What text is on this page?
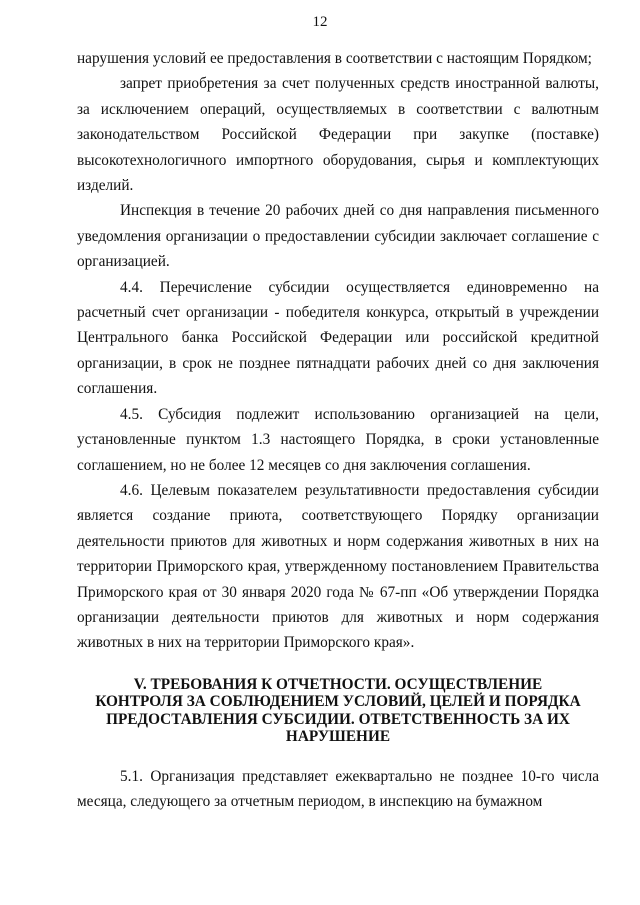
12

нарушения условий ее предоставления в соответствии с настоящим Порядком;

запрет приобретения за счет полученных средств иностранной валюты, за исключением операций, осуществляемых в соответствии с валютным законодательством Российской Федерации при закупке (поставке) высокотехнологичного импортного оборудования, сырья и комплектующих изделий.

Инспекция в течение 20 рабочих дней со дня направления письменного уведомления организации о предоставлении субсидии заключает соглашение с организацией.

4.4. Перечисление субсидии осуществляется единовременно на расчетный счет организации - победителя конкурса, открытый в учреждении Центрального банка Российской Федерации или российской кредитной организации, в срок не позднее пятнадцати рабочих дней со дня заключения соглашения.

4.5. Субсидия подлежит использованию организацией на цели, установленные пунктом 1.3 настоящего Порядка, в сроки установленные соглашением, но не более 12 месяцев со дня заключения соглашения.

4.6. Целевым показателем результативности предоставления субсидии является создание приюта, соответствующего Порядку организации деятельности приютов для животных и норм содержания животных в них на территории Приморского края, утвержденному постановлением Правительства Приморского края от 30 января 2020 года № 67-пп «Об утверждении Порядка организации деятельности приютов для животных и норм содержания животных в них на территории Приморского края».

V. ТРЕБОВАНИЯ К ОТЧЕТНОСТИ. ОСУЩЕСТВЛЕНИЕ КОНТРОЛЯ ЗА СОБЛЮДЕНИЕМ УСЛОВИЙ, ЦЕЛЕЙ И ПОРЯДКА ПРЕДОСТАВЛЕНИЯ СУБСИДИИ. ОТВЕТСТВЕННОСТЬ ЗА ИХ НАРУШЕНИЕ

5.1. Организация представляет ежеквартально не позднее 10-го числа месяца, следующего за отчетным периодом, в инспекцию на бумажном
